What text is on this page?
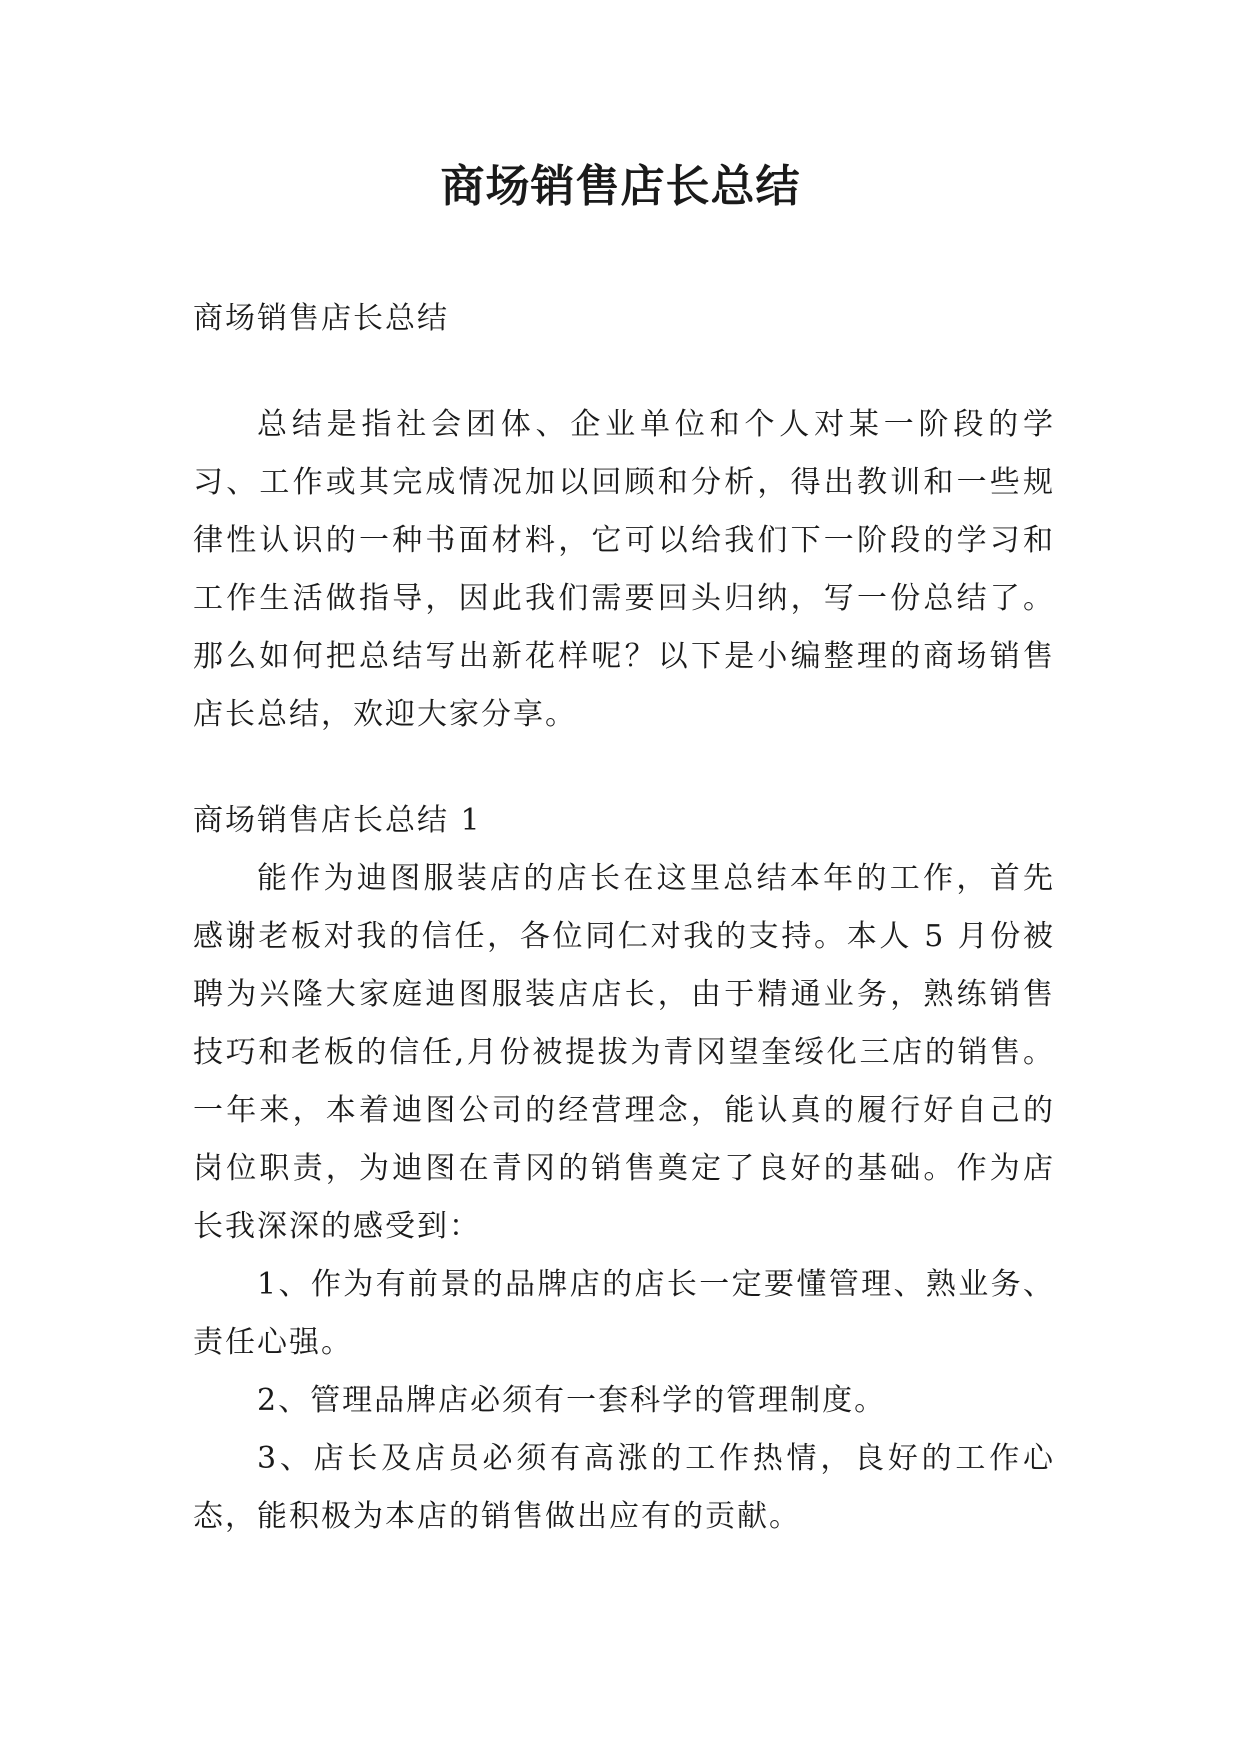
商场销售店长总结

商场销售店长总结

总结是指社会团体、企业单位和个人对某一阶段的学习、工作或其完成情况加以回顾和分析，得出教训和一些规律性认识的一种书面材料，它可以给我们下一阶段的学习和工作生活做指导，因此我们需要回头归纳，写一份总结了。那么如何把总结写出新花样呢？以下是小编整理的商场销售店长总结，欢迎大家分享。

商场销售店长总结 1

能作为迪图服装店的店长在这里总结本年的工作，首先感谢老板对我的信任，各位同仁对我的支持。本人 5 月份被聘为兴隆大家庭迪图服装店店长，由于精通业务，熟练销售技巧和老板的信任,月份被提拔为青冈望奎绥化三店的销售。一年来，本着迪图公司的经营理念，能认真的履行好自己的岗位职责，为迪图在青冈的销售奠定了良好的基础。作为店长我深深的感受到：

1、作为有前景的品牌店的店长一定要懂管理、熟业务、责任心强。

2、管理品牌店必须有一套科学的管理制度。

3、店长及店员必须有高涨的工作热情，良好的工作心态，能积极为本店的销售做出应有的贡献。
